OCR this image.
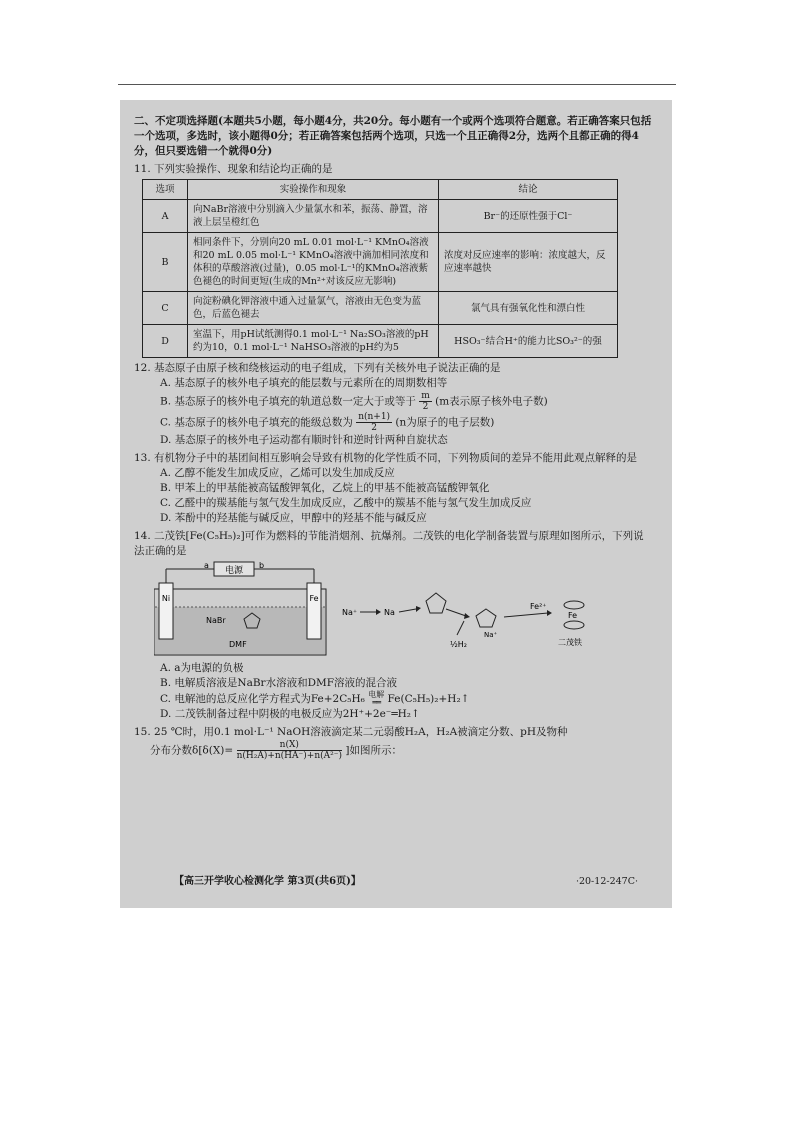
二、不定项选择题(本题共5小题，每小题4分，共20分。每小题有一个或两个选项符合题意。若正确答案只包括一个选项，多选时，该小题得0分；若正确答案包括两个选项，只选一个且正确得2分，选两个且都正确的得4分，但只要选错一个就得0分)
11. 下列实验操作、现象和结论均正确的是
选项	实验操作和现象	结论
A	向NaBr溶液中分别滴入少量氯水和苯，振荡、静置，溶液上层呈橙红色	Br⁻的还原性强于Cl⁻
B	相同条件下，分别向20 mL 0.01 mol·L⁻¹ KMnO₄溶液和20 mL 0.05 mol·L⁻¹ KMnO₄溶液中滴加相同浓度和体积的草酸溶液(过量)，0.05 mol·L⁻¹的KMnO₄溶液紫色褪色的时间更短(生成的Mn²⁺对该反应无影响)	浓度对反应速率的影响：浓度越大，反应速率越快
C	向淀粉碘化钾溶液中通入过量氯气，溶液由无色变为蓝色，后蓝色褪去	氯气具有强氧化性和漂白性
D	室温下，用pH试纸测得0.1 mol·L⁻¹ Na₂SO₃溶液的pH约为10，0.1 mol·L⁻¹ NaHSO₃溶液的pH约为5	HSO₃⁻结合H⁺的能力比SO₃²⁻的强
12. 基态原子由原子核和绕核运动的电子组成，下列有关核外电子说法正确的是
A. 基态原子的核外电子填充的能层数与元素所在的周期数相等
B. 基态原子的核外电子填充的轨道总数一定大于或等于 $\frac{m}{2} (m$表示原子核外电子数)
C. 基态原子的核外电子填充的能级总数为 $\frac{n(n+1)}{2} (n$为原子的电子层数)
D. 基态原子的核外电子运动都有顺时针和逆时针两种自旋状态
13. 有机物分子中的基团间相互影响会导致有机物的化学性质不同，下列物质间的差异不能用此观点解释的是
A. 乙醇不能发生加成反应，乙烯可以发生加成反应
B. 甲苯上的甲基能被高锰酸钾氧化，乙烷上的甲基不能被高锰酸钾氧化
C. 乙醛中的羰基能与氢气发生加成反应，乙酸中的羰基不能与氢气发生加成反应
D. 苯酚中的羟基能与碱反应，甲醇中的羟基不能与碱反应
14. 二茂铁[Fe(C₅H₅)₂]可作为燃料的节能消烟剂、抗爆剂。二茂铁的电化学制备装置与原理如图所示，下列说法正确的是
电源
a	b
Ni	Fe
NaBr
DMF
Na⁺	Na
Na⁺
½H₂
Fe²⁺
Fe
二茂铁
A. a为电源的负极
B. 电解质溶液是NaBr水溶液和DMF溶液的混合液
C. 电解池的总反应化学方程式为Fe+2C₅H₆ 电解
══ Fe(C₅H₅)₂+H₂↑
D. 二茂铁制备过程中阴极的电极反应为2H⁺+2e⁻═H₂↑
15. 25 ℃时，用0.1 mol·L⁻¹ NaOH溶液滴定某二元弱酸H₂A，H₂A被滴定分数、pH及物种
分布分数$\delta[\delta(X)= \frac{n(X)}{\text{n(H₂A)+n(HA⁻)+n(A²⁻)}}$ ]如图所示：
【高三开学收心检测化学 第3页(共6页)】	·20-12-247C·
